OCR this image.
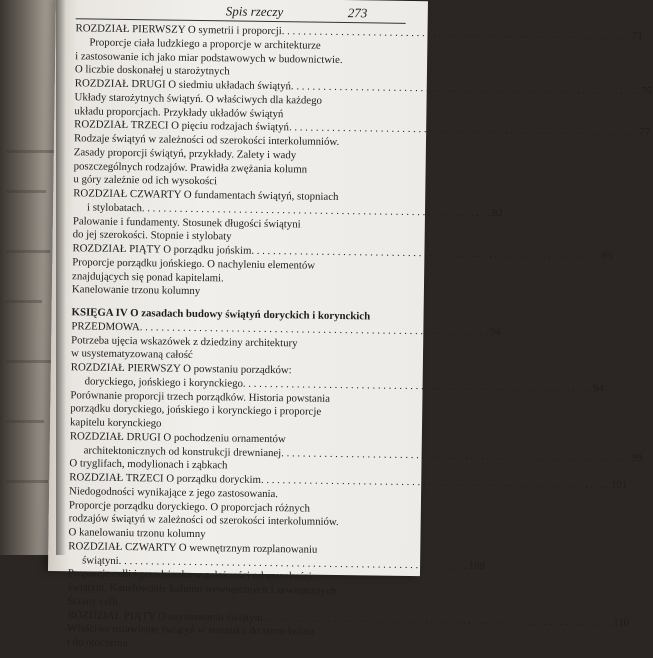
Spis rzeczy	273
ROZDZIAŁ PIERWSZY O symetrii i proporcji . . .	71
Proporcje ciała ludzkiego a proporcje w architekturze
i zastosowanie ich jako miar podstawowych w budownictwie.
O liczbie doskonałej u starożytnych
ROZDZIAŁ DRUGI O siedmiu układach świątyń . . .	75
Układy starożytnych świątyń. O właściwych dla każdego
układu proporcjach. Przykłady układów świątyń
ROZDZIAŁ TRZECI O pięciu rodzajach świątyń . . .	77
Rodzaje świątyń w zależności od szerokości interkolumniów.
Zasady proporcji świątyń, przykłady. Zalety i wady
poszczególnych rodzajów. Prawidła zwężania kolumn
u góry zależnie od ich wysokości
ROZDZIAŁ CZWARTY O fundamentach świątyń, stopniach
i stylobatach . . .	82
Palowanie i fundamenty. Stosunek długości świątyni
do jej szerokości. Stopnie i stylobaty
ROZDZIAŁ PIĄTY O porządku jońskim . . .	85
Proporcje porządku jońskiego. O nachyleniu elementów
znajdujących się ponad kapitelami.
Kanelowanie trzonu kolumny
KSIĘGA IV O zasadach budowy świątyń doryckich i korynckich
PRZEDMOWA . . .	94
Potrzeba ujęcia wskazówek z dziedziny architektury
w usystematyzowaną całość
ROZDZIAŁ PIERWSZY O powstaniu porządków:
doryckiego, jońskiego i korynckiego . . .	94
Porównanie proporcji trzech porządków. Historia powstania
porządku doryckiego, jońskiego i korynckiego i proporcje
kapitelu korynckiego
ROZDZIAŁ DRUGI O pochodzeniu ornamentów
architektonicznych od konstrukcji drewnianej . . .	99
O tryglifach, modylionach i ząbkach
ROZDZIAŁ TRZECI O porządku doryckim . . .	101
Niedogodności wynikające z jego zastosowania.
Proporcje porządku doryckiego. O proporcjach różnych
rodzajów świątyń w zależności od szerokości interkolumniów.
O kanelowaniu trzonu kolumny
ROZDZIAŁ CZWARTY O wewnętrznym rozplanowaniu
świątyni . . .	108
Proporcje celli i przedsionka w zależności od szerokości
świątyni. Kanelowanie kolumn wewnętrznych i zewnętrznych.
Ściany celli
ROZDZIAŁ PIĄTY O usytuowaniu świątyni . . .	110
Właściwe ustawienie świątyń w stosunku do stron świata
i do otoczenia
